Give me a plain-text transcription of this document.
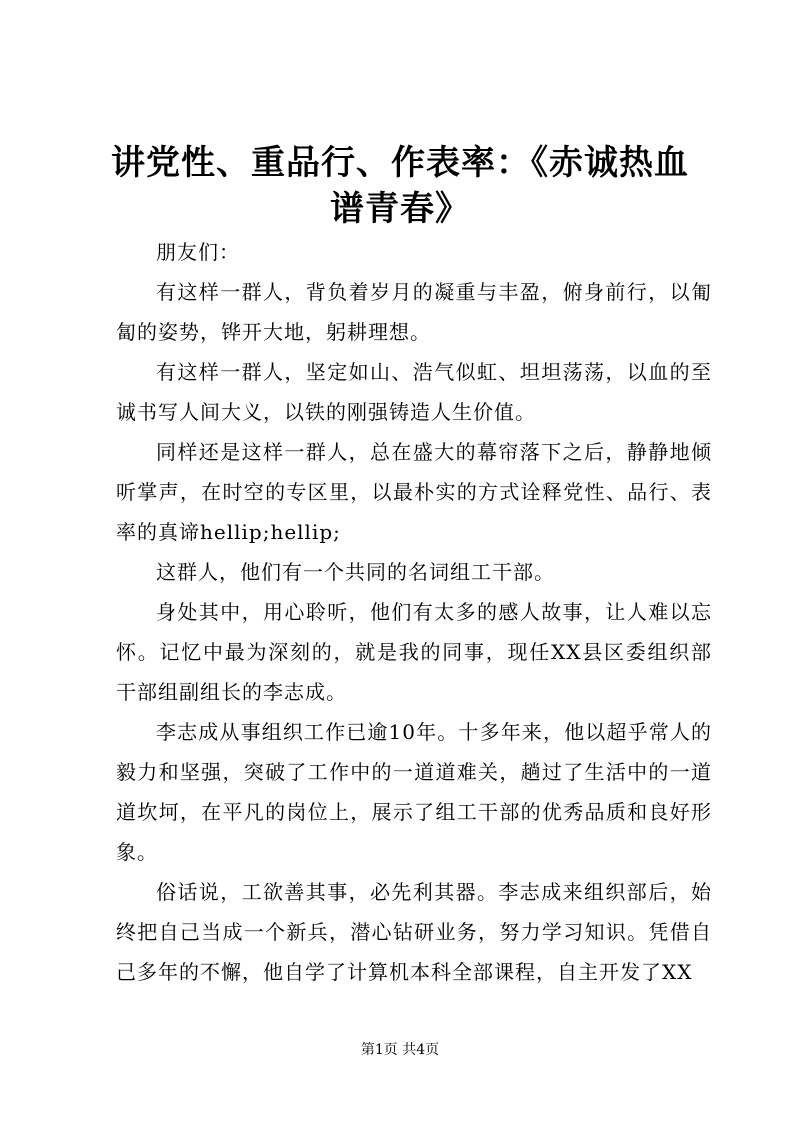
讲党性、重品行、作表率：《赤诚热血谱青春》

朋友们：

有这样一群人，背负着岁月的凝重与丰盈，俯身前行，以匍匐的姿势，铧开大地，躬耕理想。

有这样一群人，坚定如山、浩气似虹、坦坦荡荡，以血的至诚书写人间大义，以铁的刚强铸造人生价值。

同样还是这样一群人，总在盛大的幕帘落下之后，静静地倾听掌声，在时空的专区里，以最朴实的方式诠释党性、品行、表率的真谛hellip;hellip;

这群人，他们有一个共同的名词组工干部。

身处其中，用心聆听，他们有太多的感人故事，让人难以忘怀。记忆中最为深刻的，就是我的同事，现任XX县区委组织部干部组副组长的李志成。

李志成从事组织工作已逾10年。十多年来，他以超乎常人的毅力和坚强，突破了工作中的一道道难关，趟过了生活中的一道道坎坷，在平凡的岗位上，展示了组工干部的优秀品质和良好形象。

俗话说，工欲善其事，必先利其器。李志成来组织部后，始终把自己当成一个新兵，潜心钻研业务，努力学习知识。凭借自己多年的不懈，他自学了计算机本科全部课程，自主开发了XX

第1页 共4页
